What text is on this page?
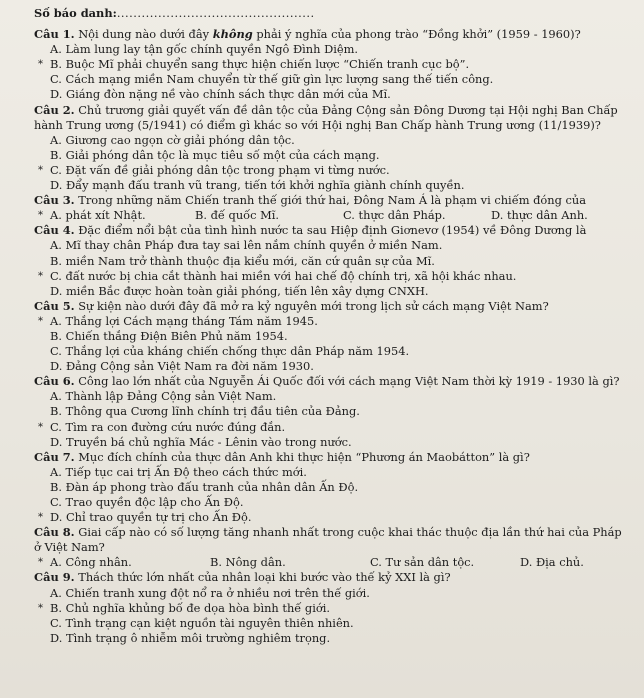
Số báo danh:................................................

Câu 1. Nội dung nào dưới đây không phải ý nghĩa của phong trào “Đồng khởi” (1959 - 1960)?

A. Làm lung lay tận gốc chính quyền Ngô Đình Diệm.

* B. Buộc Mĩ phải chuyển sang thực hiện chiến lược “Chiến tranh cục bộ”.

C. Cách mạng miền Nam chuyển từ thế giữ gìn lực lượng sang thế tiến công.

D. Giáng đòn nặng nề vào chính sách thực dân mới của Mĩ.

Câu 2. Chủ trương giải quyết vấn đề dân tộc của Đảng Cộng sản Đông Dương tại Hội nghị Ban Chấp hành Trung ương (5/1941) có điểm gì khác so với Hội nghị Ban Chấp hành Trung ương (11/1939)?

A. Giương cao ngọn cờ giải phóng dân tộc.

B. Giải phóng dân tộc là mục tiêu số một của cách mạng.

* C. Đặt vấn đề giải phóng dân tộc trong phạm vi từng nước.

D. Đẩy mạnh đấu tranh vũ trang, tiến tới khởi nghĩa giành chính quyền.

Câu 3. Trong những năm Chiến tranh thế giới thứ hai, Đông Nam Á là phạm vi chiếm đóng của

* A. phát xít Nhật.	B. đế quốc Mĩ.	C. thực dân Pháp.	D. thực dân Anh.

Câu 4. Đặc điểm nổi bật của tình hình nước ta sau Hiệp định Giơnevơ (1954) về Đông Dương là

A. Mĩ thay chân Pháp đưa tay sai lên nắm chính quyền ở miền Nam.

B. miền Nam trở thành thuộc địa kiểu mới, căn cứ quân sự của Mĩ.

* C. đất nước bị chia cắt thành hai miền với hai chế độ chính trị, xã hội khác nhau.

D. miền Bắc được hoàn toàn giải phóng, tiến lên xây dựng CNXH.

Câu 5. Sự kiện nào dưới đây đã mở ra kỷ nguyên mới trong lịch sử cách mạng Việt Nam?

* A. Thắng lợi Cách mạng tháng Tám năm 1945.

B. Chiến thắng Điện Biên Phủ năm 1954.

C. Thắng lợi của kháng chiến chống thực dân Pháp năm 1954.

D. Đảng Cộng sản Việt Nam ra đời năm 1930.

Câu 6. Công lao lớn nhất của Nguyễn Ái Quốc đối với cách mạng Việt Nam thời kỳ 1919 - 1930 là gì?

A. Thành lập Đảng Cộng sản Việt Nam.

B. Thông qua Cương lĩnh chính trị đầu tiên của Đảng.

* C. Tìm ra con đường cứu nước đúng đắn.

D. Truyền bá chủ nghĩa Mác - Lênin vào trong nước.

Câu 7. Mục đích chính của thực dân Anh khi thực hiện “Phương án Maobátton” là gì?

A. Tiếp tục cai trị Ấn Độ theo cách thức mới.

B. Đàn áp phong trào đấu tranh của nhân dân Ấn Độ.

C. Trao quyền độc lập cho Ấn Độ.

* D. Chỉ trao quyền tự trị cho Ấn Độ.

Câu 8. Giai cấp nào có số lượng tăng nhanh nhất trong cuộc khai thác thuộc địa lần thứ hai của Pháp ở Việt Nam?

* A. Công nhân.	B. Nông dân.	C. Tư sản dân tộc.	D. Địa chủ.

Câu 9. Thách thức lớn nhất của nhân loại khi bước vào thế kỷ XXI là gì?

A. Chiến tranh xung đột nổ ra ở nhiều nơi trên thế giới.

* B. Chủ nghĩa khủng bố đe dọa hòa bình thế giới.

C. Tình trạng cạn kiệt nguồn tài nguyên thiên nhiên.

D. Tình trạng ô nhiễm môi trường nghiêm trọng.
